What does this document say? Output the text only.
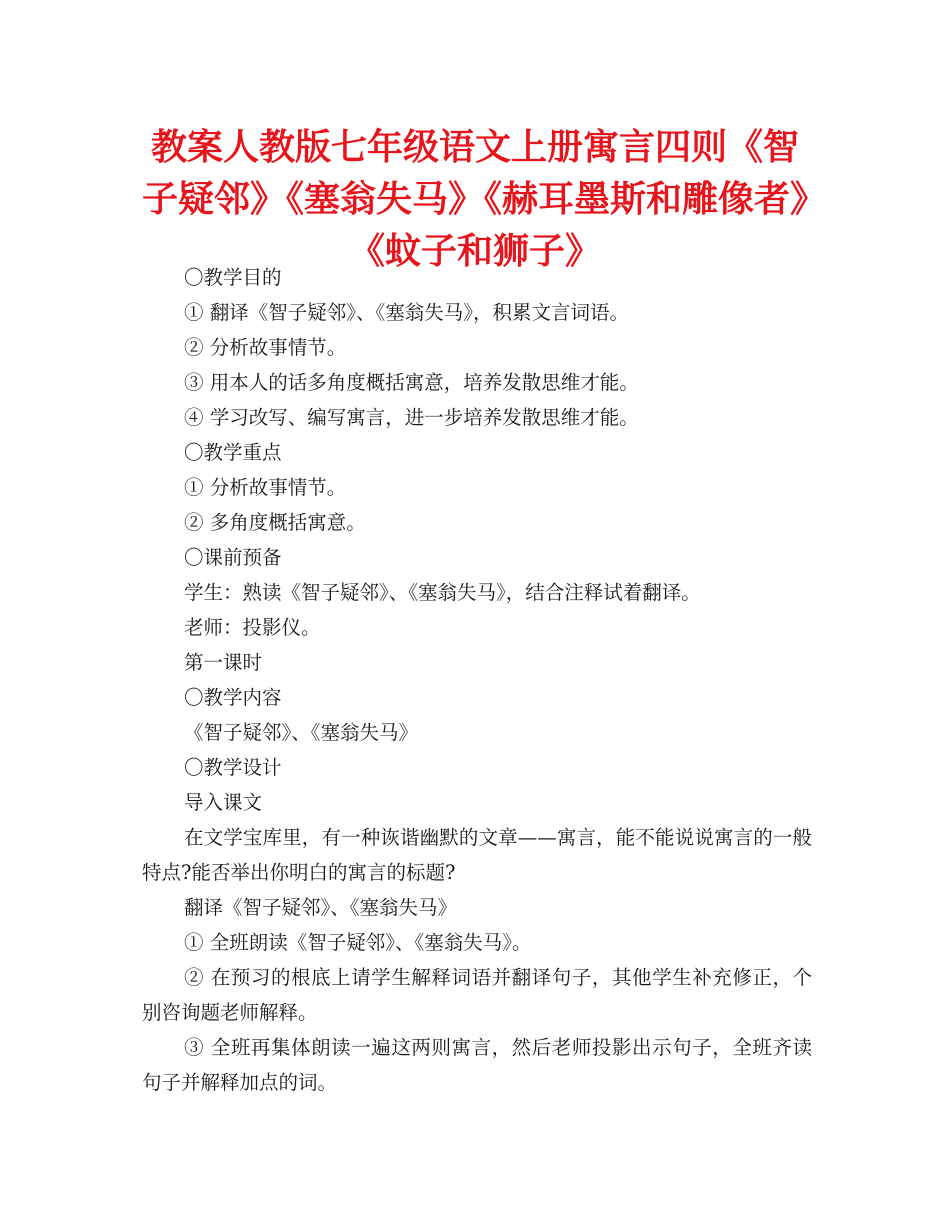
教案人教版七年级语文上册寓言四则《智子疑邻》《塞翁失马》《赫耳墨斯和雕像者》《蚊子和狮子》
〇教学目的
① 翻译《智子疑邻》、《塞翁失马》，积累文言词语。
② 分析故事情节。
③ 用本人的话多角度概括寓意，培养发散思维才能。
④ 学习改写、编写寓言，进一步培养发散思维才能。
〇教学重点
① 分析故事情节。
② 多角度概括寓意。
〇课前预备
学生：熟读《智子疑邻》、《塞翁失马》，结合注释试着翻译。
老师：投影仪。
第一课时
〇教学内容
《智子疑邻》、《塞翁失马》
〇教学设计
导入课文

在文学宝库里，有一种诙谐幽默的文章——寓言，能不能说说寓言的一般特点?能否举出你明白的寓言的标题?

翻译《智子疑邻》、《塞翁失马》

① 全班朗读《智子疑邻》、《塞翁失马》。

② 在预习的根底上请学生解释词语并翻译句子，其他学生补充修正，个别咨询题老师解释。

③ 全班再集体朗读一遍这两则寓言，然后老师投影出示句子，全班齐读句子并解释加点的词。
